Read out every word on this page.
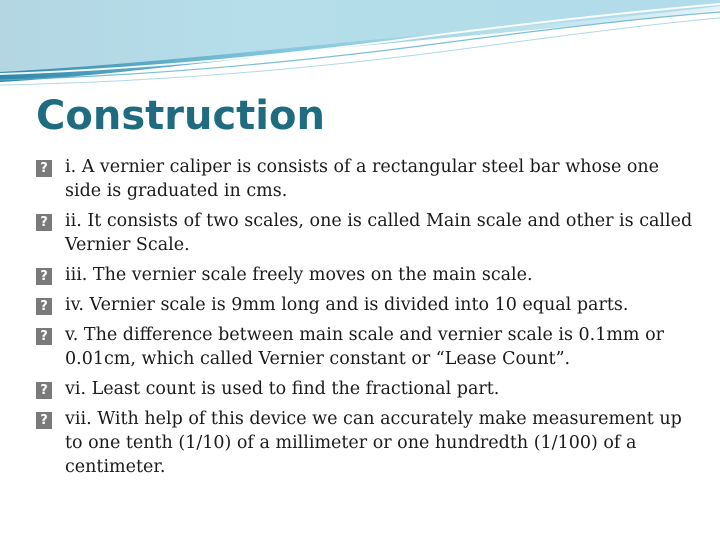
Construction
? i. A vernier caliper is consists of a rectangular steel bar whose one side is graduated in cms.
? ii. It consists of two scales, one is called Main scale and other is called Vernier Scale.
? iii. The vernier scale freely moves on the main scale.
? iv. Vernier scale is 9mm long and is divided into 10 equal parts.
? v. The difference between main scale and vernier scale is 0.1mm or 0.01cm, which called Vernier constant or “Lease Count”.
? vi. Least count is used to find the fractional part.
? vii. With help of this device we can accurately make measurement up to one tenth (1/10) of a millimeter or one hundredth (1/100) of a centimeter.
